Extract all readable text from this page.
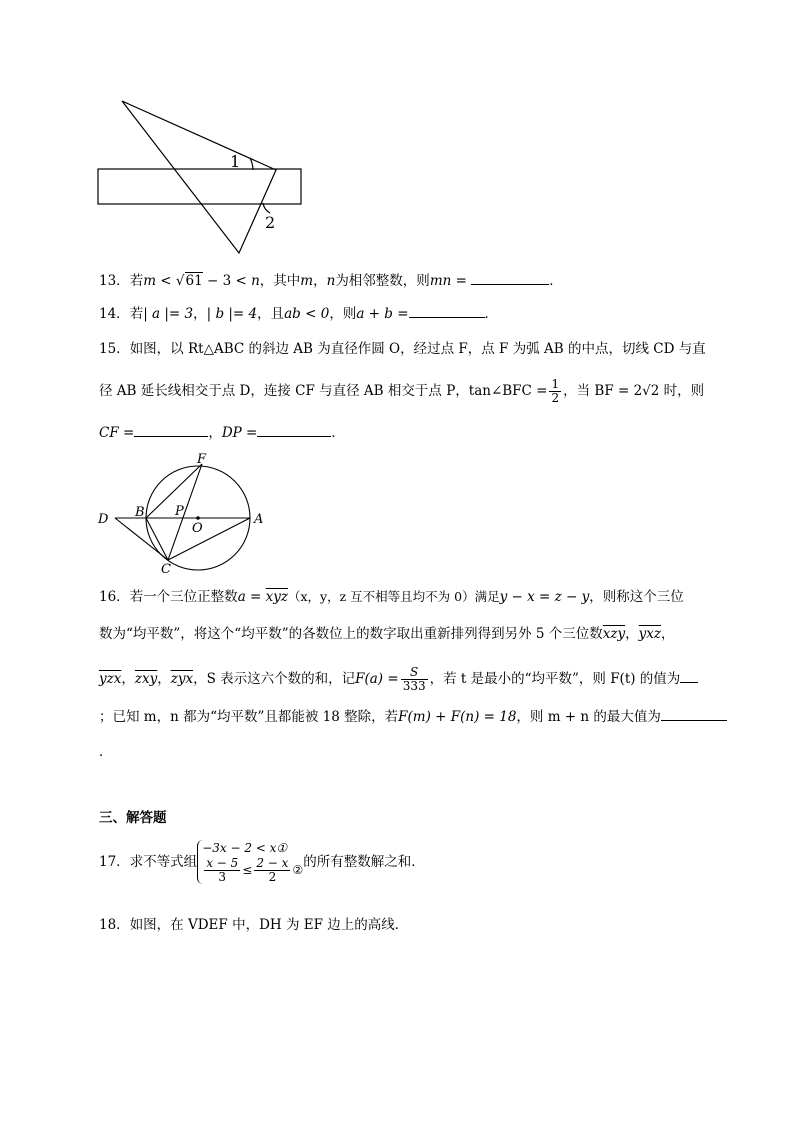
1
2
13．若m < √61 − 3 < n，其中m，n为相邻整数，则mn =	．
14．若| a |= 3，| b |= 4，且ab < 0，则a + b =	．
15．如图，以 Rt△ABC 的斜边 AB 为直径作圆 O，经过点 F，点 F 为弧 AB 的中点，切线 CD 与直
径 AB 延长线相交于点 D，连接 CF 与直径 AB 相交于点 P，tan∠BFC = $\frac{1}{2}$ ，当 BF = 2√2 时，则
CF =	，DP =	．
F
D B P
O
A
C
16．若一个三位正整数$a = \overline{xyz}(x$，y，z 互不相等且均不为 0）满足y − x = z − y，则称这个三位
数为“均平数”，将这个“均平数”的各数位上的数字取出重新排列得到另外 5 个三位数$\overline{xzy}$，$\overline{yxz}$，
$\overline{yzx}$，$\overline{zxy}$，$\overline{zyx}$，S 表示这六个数的和，记$F(a) = \frac{S}{333}$ ，若 t 是最小的“均平数”，则 F(t) 的值为
；已知 m，n 都为“均平数”且都能被 18 整除，若F(m) + F(n) = 18，则 m + n 的最大值为
．
三、解答题
17．求不等式组
−3x − 2 < x①
$\frac{x - 5}{3} \le \frac{2 - x}{2}$ ② 的所有整数解之和．
18．如图，在 VDEF 中，DH 为 EF 边上的高线．
